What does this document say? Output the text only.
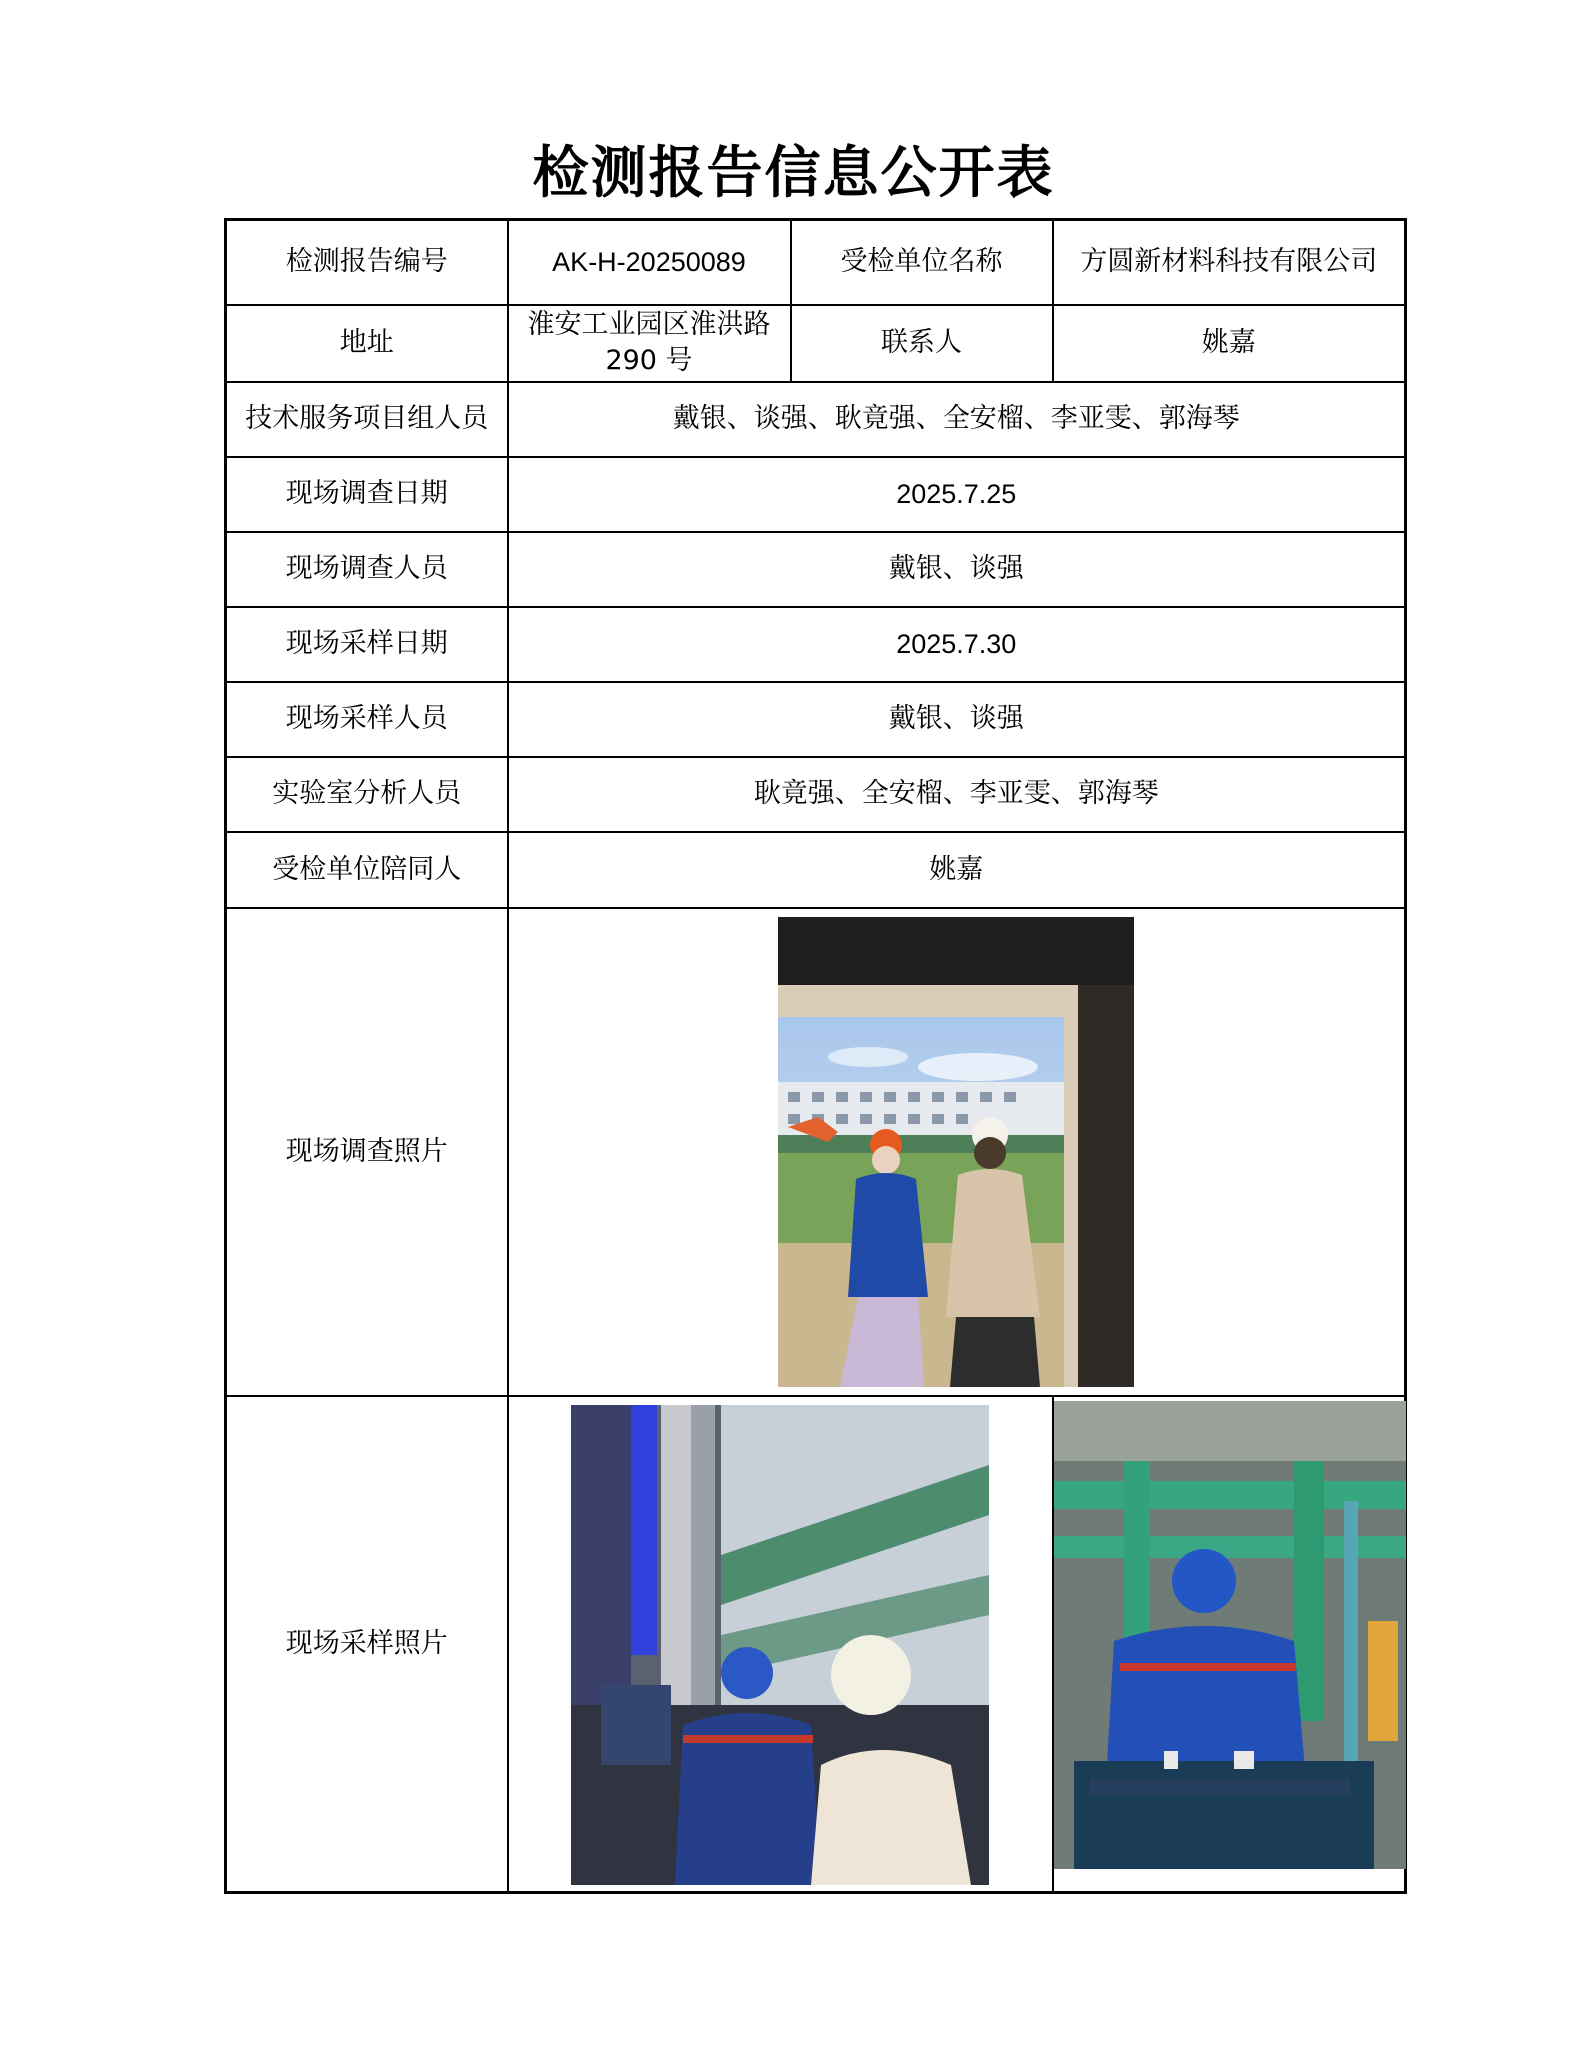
检测报告信息公开表
检测报告编号	AK-H-20250089	受检单位名称	方圆新材料科技有限公司
地址	淮安工业园区淮洪路 290 号	联系人	姚嘉
技术服务项目组人员	戴银、谈强、耿竟强、全安榴、李亚雯、郭海琴		
现场调查日期	2025.7.25		
现场调查人员	戴银、谈强		
现场采样日期	2025.7.30		
现场采样人员	戴银、谈强		
实验室分析人员	耿竟强、全安榴、李亚雯、郭海琴		
受检单位陪同人	姚嘉		
现场调查照片	

现场采样照片	
